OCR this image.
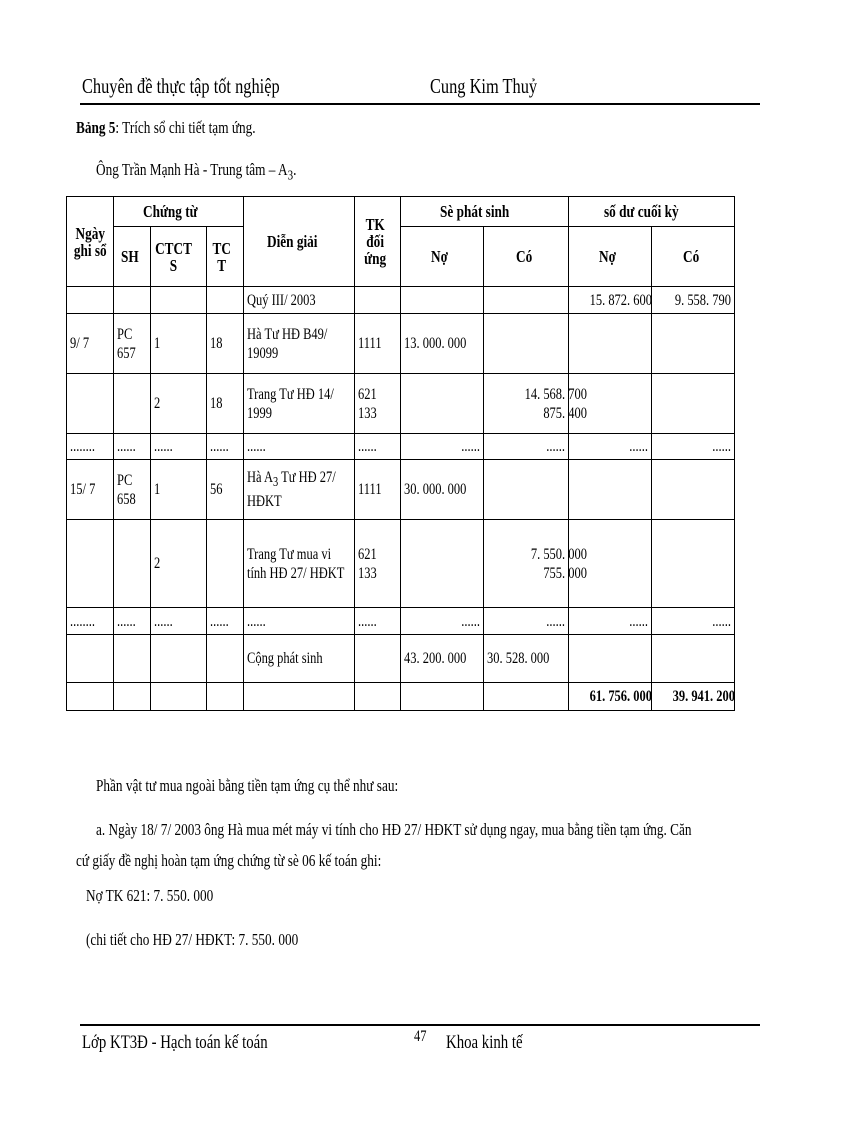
Chuyên đề thực tập tốt nghiệp	Cung Kim Thuỷ
Bảng 5: Trích sổ chi tiết tạm ứng.
Ông Trần Mạnh Hà - Trung tâm – $A_3$.
Ngày ghi sổ	Chứng từ			Diễn giải	TK đối ứng	Sè phát sinh		số dư cuối kỳ	
	SH	CTCT S	TC T			Nợ	Có	Nợ	Có
				Quý III/ 2003				15. 872. 600	9. 558. 790
9/ 7	PC 657	1	18	Hà Tư HĐ B49/ 19099	1111	13. 000. 000			
		2	18	Trang Tư HĐ 14/ 1999	621 133		14. 568. 700 875. 400		
........	......	......	......	......	......	......	......	......	......
15/ 7	PC 658	1	56	Hà $A_3$ Tư HĐ 27/ HĐKT	1111	30. 000. 000			
		2		Trang Tư mua vi tính HĐ 27/ HĐKT	621 133		7. 550. 000 755. 000		
........	......	......	......	......	......	......	......	......	......
				Cộng phát sinh		43. 200. 000	30. 528. 000		
								61. 756. 000	39. 941. 200
Phần vật tư mua ngoài bằng tiền tạm ứng cụ thể như sau:
a. Ngày 18/ 7/ 2003 ông Hà mua mét máy vi tính cho HĐ 27/ HĐKT sử dụng ngay, mua bằng tiền tạm ứng. Căn
cứ giấy đề nghị hoàn tạm ứng chứng từ sè 06 kế toán ghi:
Nợ TK 621: 7. 550. 000
(chi tiết cho HĐ 27/ HĐKT: 7. 550. 000
Lớp KT3Đ - Hạch toán kế toán	47 Khoa kinh tế
